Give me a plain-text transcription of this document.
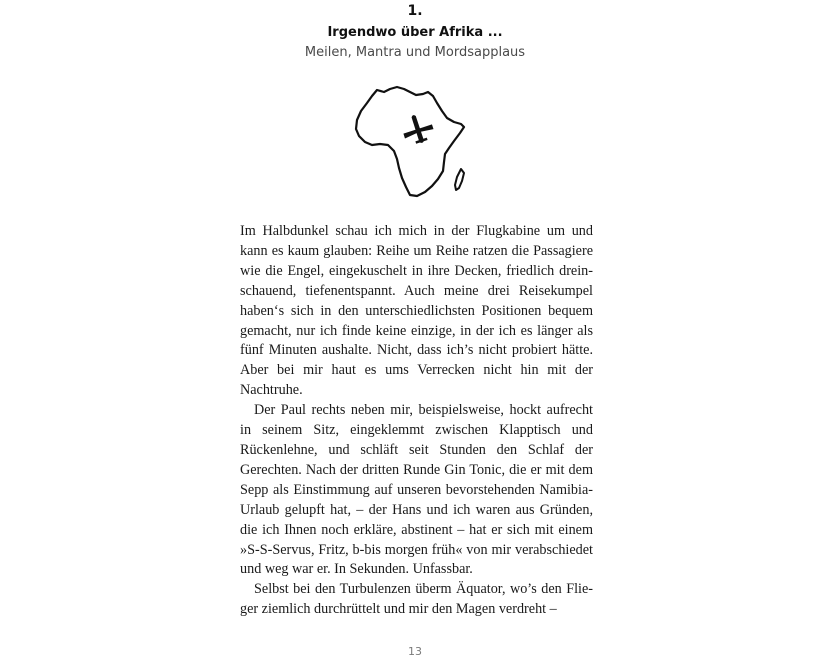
1.
Irgendwo über Afrika ...
Meilen, Mantra und Mordsapplaus

Im Halbdunkel schau ich mich in der Flugkabine um und kann es kaum glauben: Reihe um Reihe ratzen die Passagiere wie die Engel, eingekuschelt in ihre Decken, friedlich dreinschauend, tiefenentspannt. Auch meine drei Reisekumpel haben‘s sich in den unterschiedlichsten Positionen bequem gemacht, nur ich finde keine einzige, in der ich es länger als fünf Minuten aushalte. Nicht, dass ich’s nicht probiert hätte. Aber bei mir haut es ums Verrecken nicht hin mit der Nachtruhe.

Der Paul rechts neben mir, beispielsweise, hockt aufrecht in seinem Sitz, eingeklemmt zwischen Klapptisch und Rückenlehne, und schläft seit Stunden den Schlaf der Gerechten. Nach der dritten Runde Gin Tonic, die er mit dem Sepp als Einstimmung auf unseren bevorstehenden Namibia-Urlaub gelupft hat, – der Hans und ich waren aus Gründen, die ich Ihnen noch erkläre, abstinent – hat er sich mit einem »S-S-Servus, Fritz, b-bis morgen früh« von mir verabschiedet und weg war er. In Sekunden. Unfassbar.

Selbst bei den Turbulenzen überm Äquator, wo’s den Flieger ziemlich durchrüttelt und mir den Magen verdreht –

13
